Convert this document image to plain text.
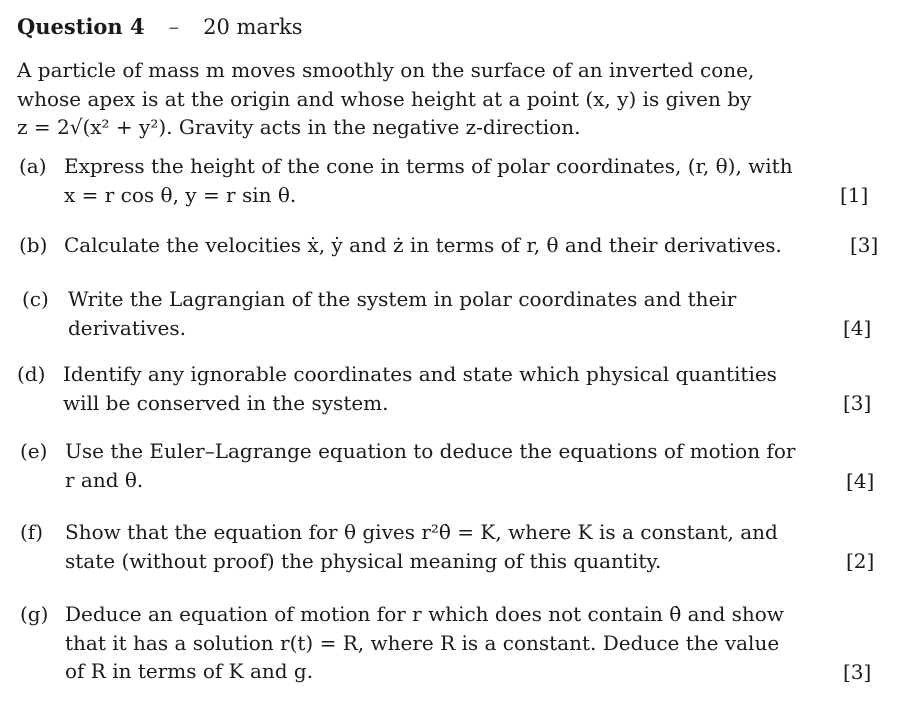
Question 4 – 20 marks
A particle of mass m moves smoothly on the surface of an inverted cone,
whose apex is at the origin and whose height at a point (x, y) is given by
z = 2√(x² + y²). Gravity acts in the negative z-direction.
(a) Express the height of the cone in terms of polar coordinates, (r, θ), with
x = r cos θ, y = r sin θ.	[1]
(b) Calculate the velocities ẋ, ẏ and ż in terms of r, θ and their derivatives.	[3]
(c) Write the Lagrangian of the system in polar coordinates and their
derivatives.	[4]
(d) Identify any ignorable coordinates and state which physical quantities
will be conserved in the system.	[3]
(e) Use the Euler–Lagrange equation to deduce the equations of motion for
r and θ.	[4]
(f) Show that the equation for θ gives r²θ̇ = K, where K is a constant, and
state (without proof) the physical meaning of this quantity.	[2]
(g) Deduce an equation of motion for r which does not contain θ̇ and show
that it has a solution r(t) = R, where R is a constant. Deduce the value
of R in terms of K and g.	[3]
